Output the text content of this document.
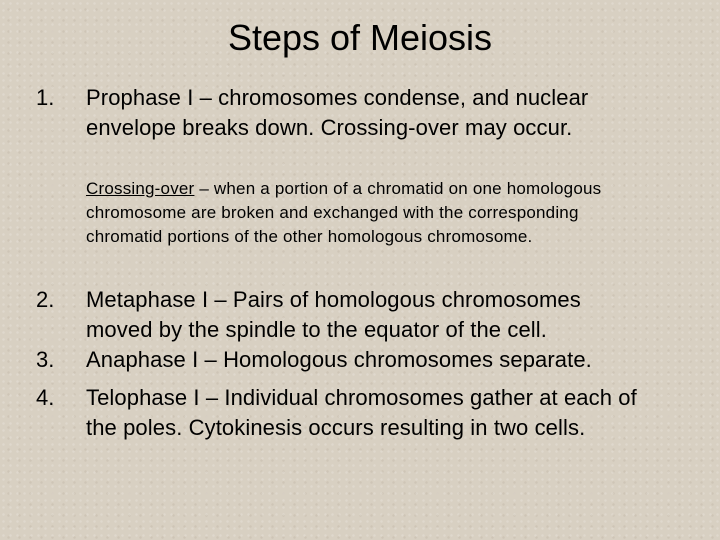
Steps of Meiosis
1.	Prophase I – chromosomes condense, and nuclear
envelope breaks down. Crossing-over may occur.
Crossing-over – when a portion of a chromatid on one homologous
chromosome are broken and exchanged with the corresponding
chromatid portions of the other homologous chromosome.
2.	Metaphase I – Pairs of homologous chromosomes
moved by the spindle to the equator of the cell.
3.	Anaphase I – Homologous chromosomes separate.
4.	Telophase I – Individual chromosomes gather at each of
the poles. Cytokinesis occurs resulting in two cells.
